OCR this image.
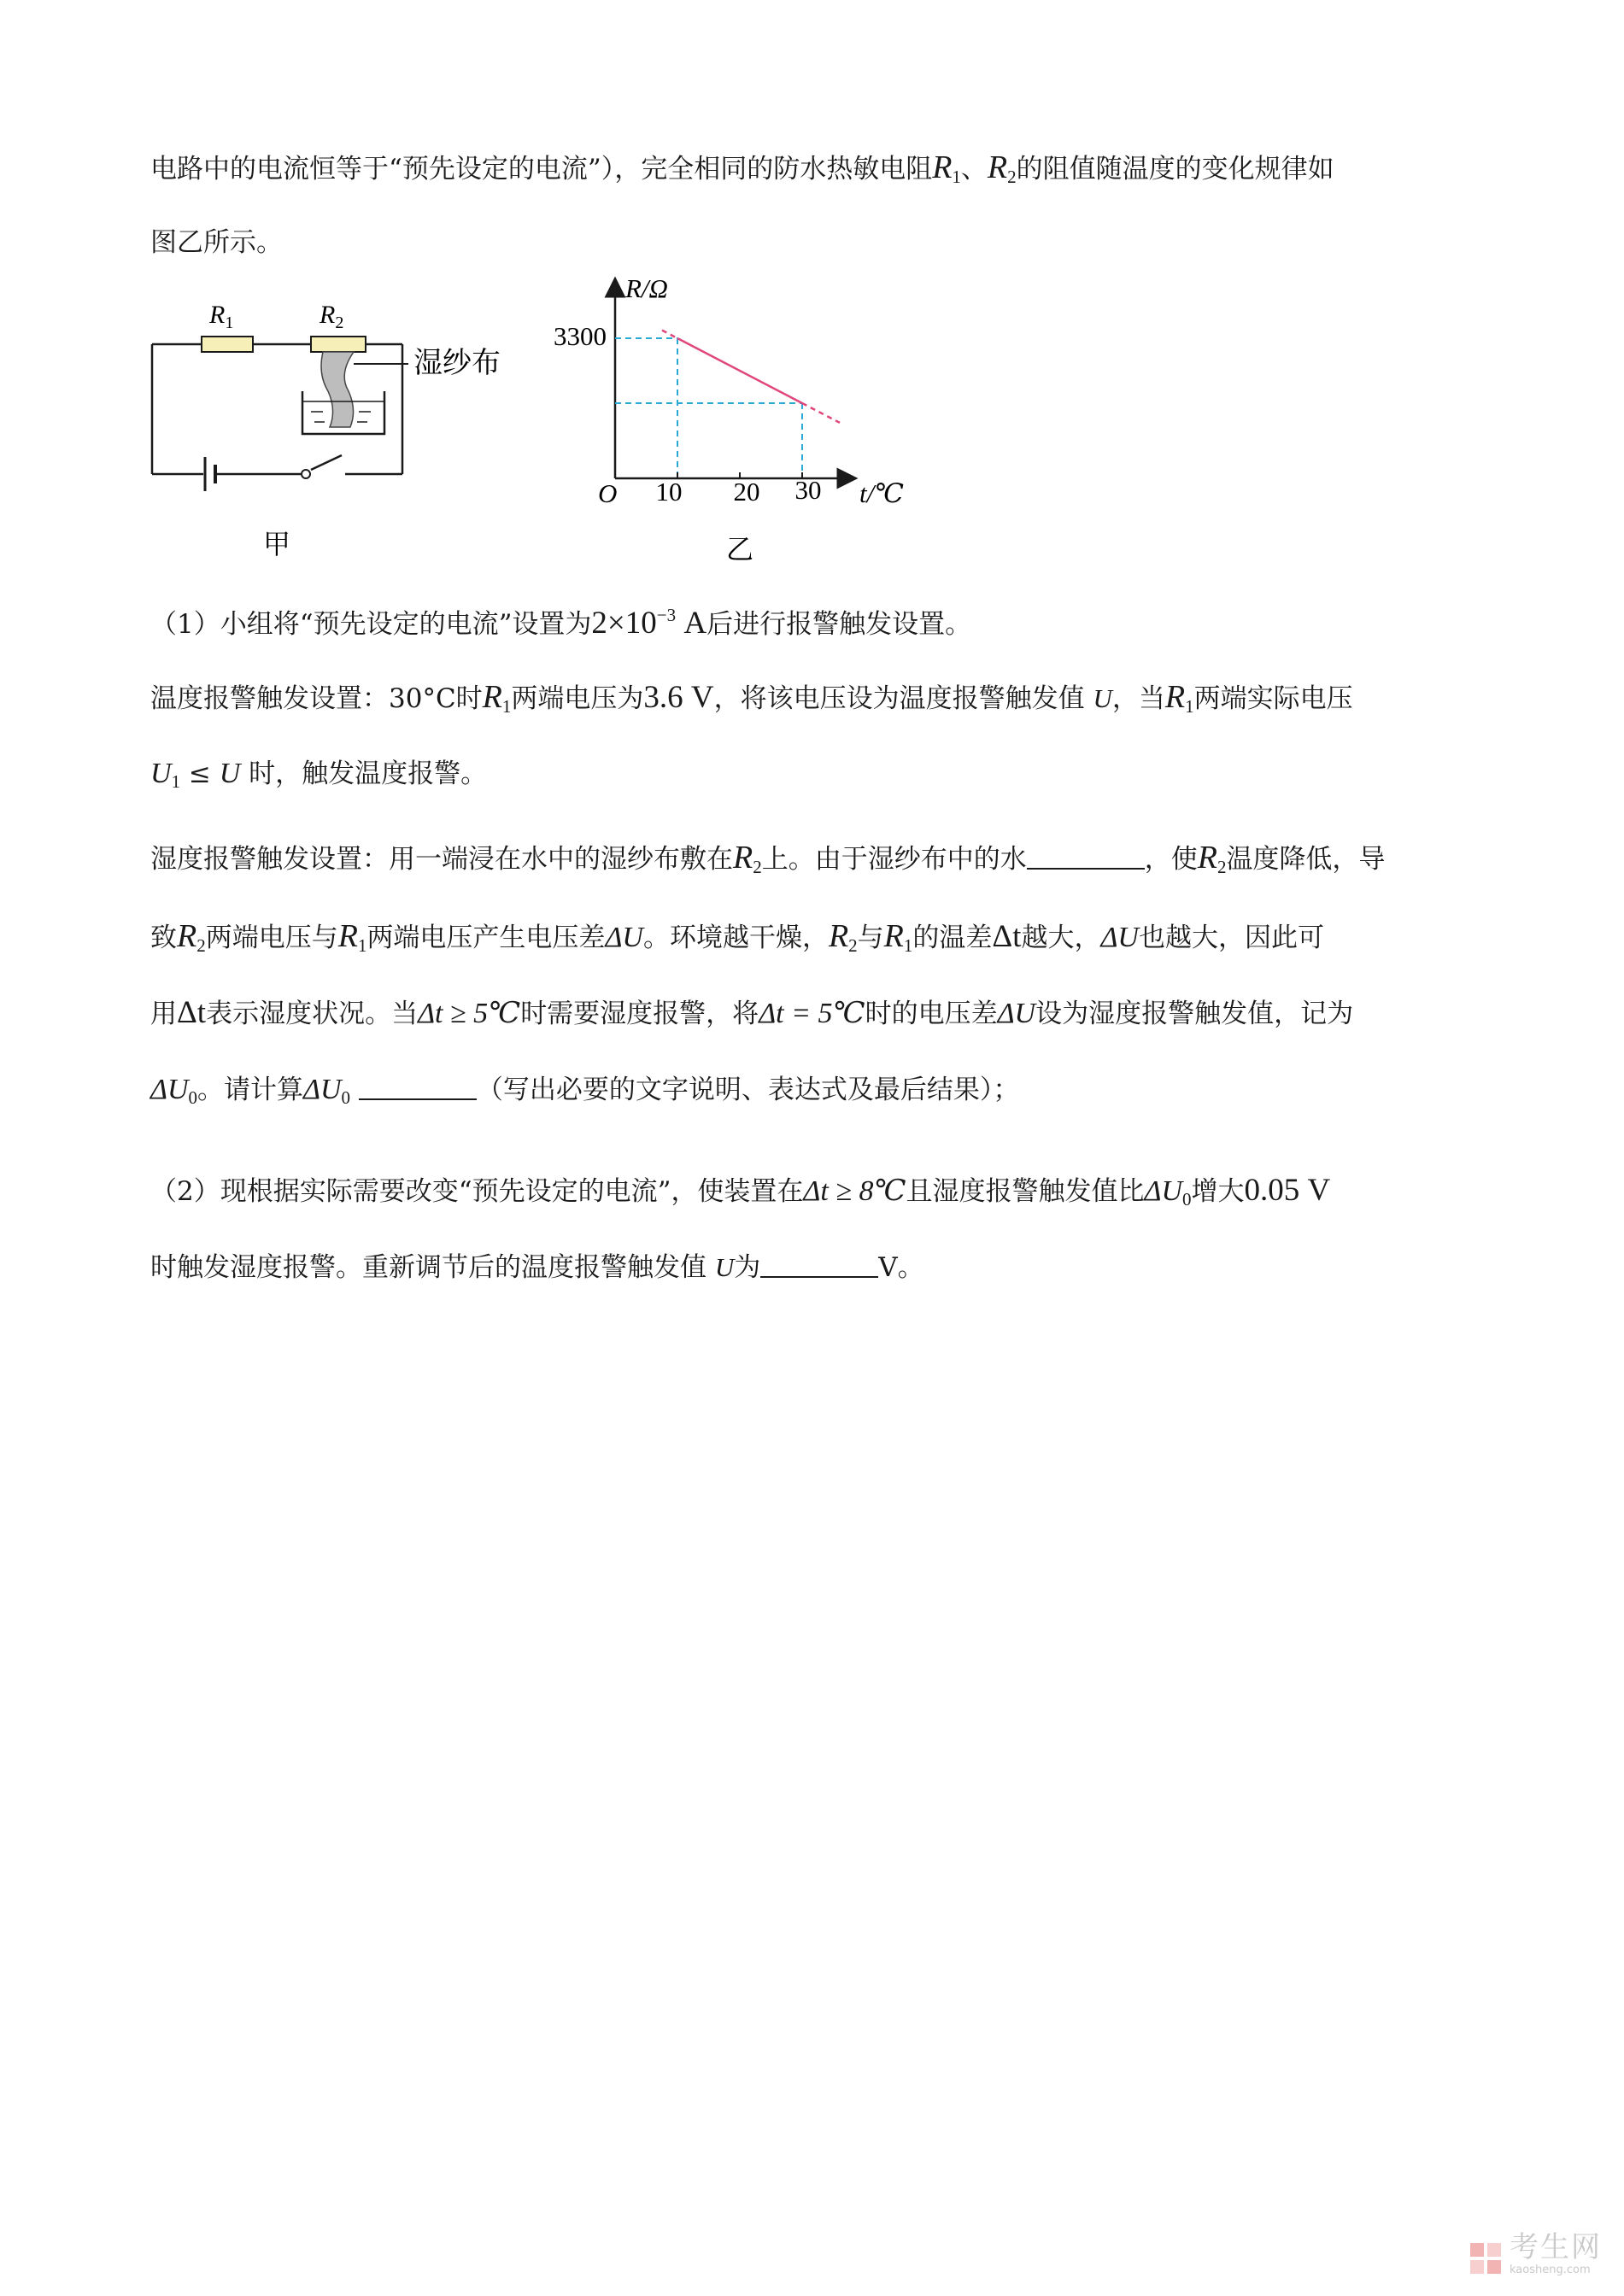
电路中的电流恒等于“预先设定的电流”），完全相同的防水热敏电阻$R_1$、$R_2$的阻值随温度的变化规律如
图乙所示。
$R_1$	$R_2$
湿纱布
甲
R/Ω
t/℃
O
3300
10 20 30
乙
（1）小组将“预先设定的电流”设置为$2\times 10^{-3}$ A后进行报警触发设置。
温度报警触发设置：30°C时$R_1$两端电压为3.6 V，将该电压设为温度报警触发值 U，当$R_1$两端实际电压
$U_1 \le U$ 时，触发温度报警。
湿度报警触发设置：用一端浸在水中的湿纱布敷在$R_2$上。由于湿纱布中的水	，使$R_2$温度降低，导
致$R_2$两端电压与$R_1$两端电压产生电压差ΔU。环境越干燥，$R_2$与$R_1$的温差Δt越大，ΔU也越大，因此可
用Δt表示湿度状况。当Δt ≥ 5℃时需要湿度报警，将Δt = 5℃时的电压差ΔU设为湿度报警触发值，记为
$\Delta U_0$。请计算$\Delta U_0$	（写出必要的文字说明、表达式及最后结果）；
（2）现根据实际需要改变“预先设定的电流”，使装置在Δt ≥ 8℃且湿度报警触发值比$\Delta U_0$增大0.05 V
时触发湿度报警。重新调节后的温度报警触发值 U为	V。
考生网
kaosheng.com
